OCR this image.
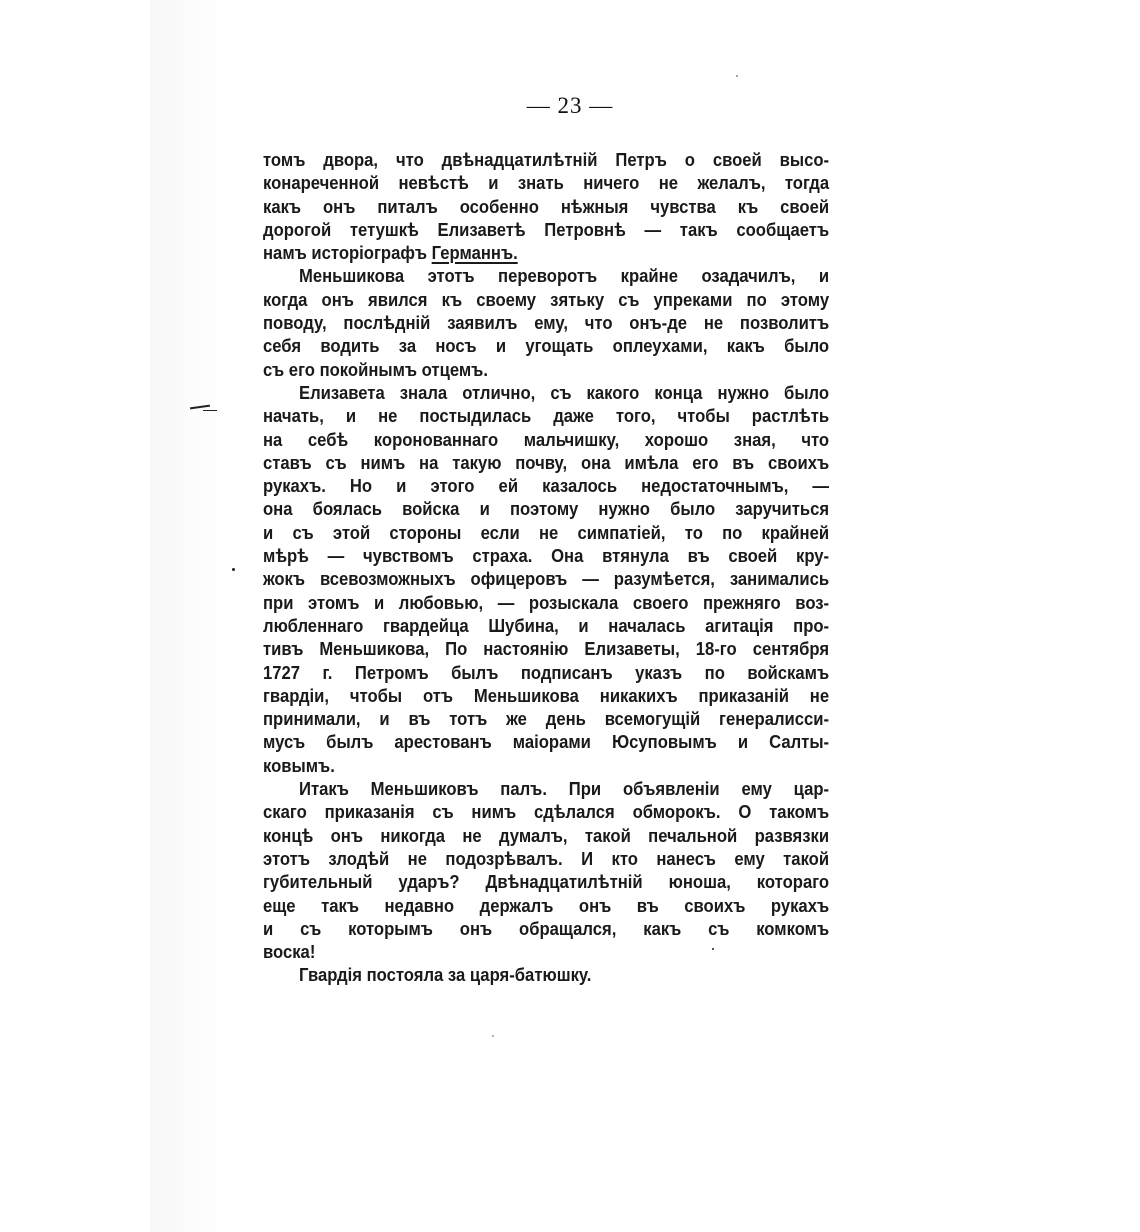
— 23 —
томъ двора, что двѣнадцатилѣтній Петръ о своей высо-
конареченной невѣстѣ и знать ничего не желалъ, тогда
какъ онъ питалъ особенно нѣжныя чувства къ своей
дорогой тетушкѣ Елизаветѣ Петровнѣ — такъ сообщаетъ
намъ исторіографъ Германнъ.
Меньшикова этотъ переворотъ крайне озадачилъ, и
когда онъ явился къ своему зятьку съ упреками по этому
поводу, послѣдній заявилъ ему, что онъ-де не позволитъ
себя водить за носъ и угощать оплеухами, какъ было
съ его покойнымъ отцемъ.
Елизавета знала отлично, съ какого конца нужно было
начать, и не постыдилась даже того, чтобы растлѣть
на себѣ коронованнаго мальчишку, хорошо зная, что
ставъ съ нимъ на такую почву, она имѣла его въ своихъ
рукахъ. Но и этого ей казалось недостаточнымъ, —
она боялась войска и поэтому нужно было заручиться
и съ этой стороны если не симпатіей, то по крайней
мѣрѣ — чувствомъ страха. Она втянула въ своей кру-
жокъ всевозможныхъ офицеровъ — разумѣется, занимались
при этомъ и любовью, — розыскала своего прежняго воз-
любленнаго гвардейца Шубина, и началась агитація про-
тивъ Меньшикова, По настоянію Елизаветы, 18-го сентября
1727 г. Петромъ былъ подписанъ указъ по войскамъ
гвардіи, чтобы отъ Меньшикова никакихъ приказаній не
принимали, и въ тотъ же день всемогущій генералисси-
мусъ былъ арестованъ маіорами Юсуповымъ и Салты-
ковымъ.
Итакъ Меньшиковъ палъ. При объявленіи ему цар-
скаго приказанія съ нимъ сдѣлался обморокъ. О такомъ
концѣ онъ никогда не думалъ, такой печальной развязки
этотъ злодѣй не подозрѣвалъ. И кто нанесъ ему такой
губительный ударъ? Двѣнадцатилѣтній юноша, котораго
еще такъ недавно держалъ онъ въ своихъ рукахъ
и съ которымъ онъ обращался, какъ съ комкомъ
воска!
Гвардія постояла за царя-батюшку.
